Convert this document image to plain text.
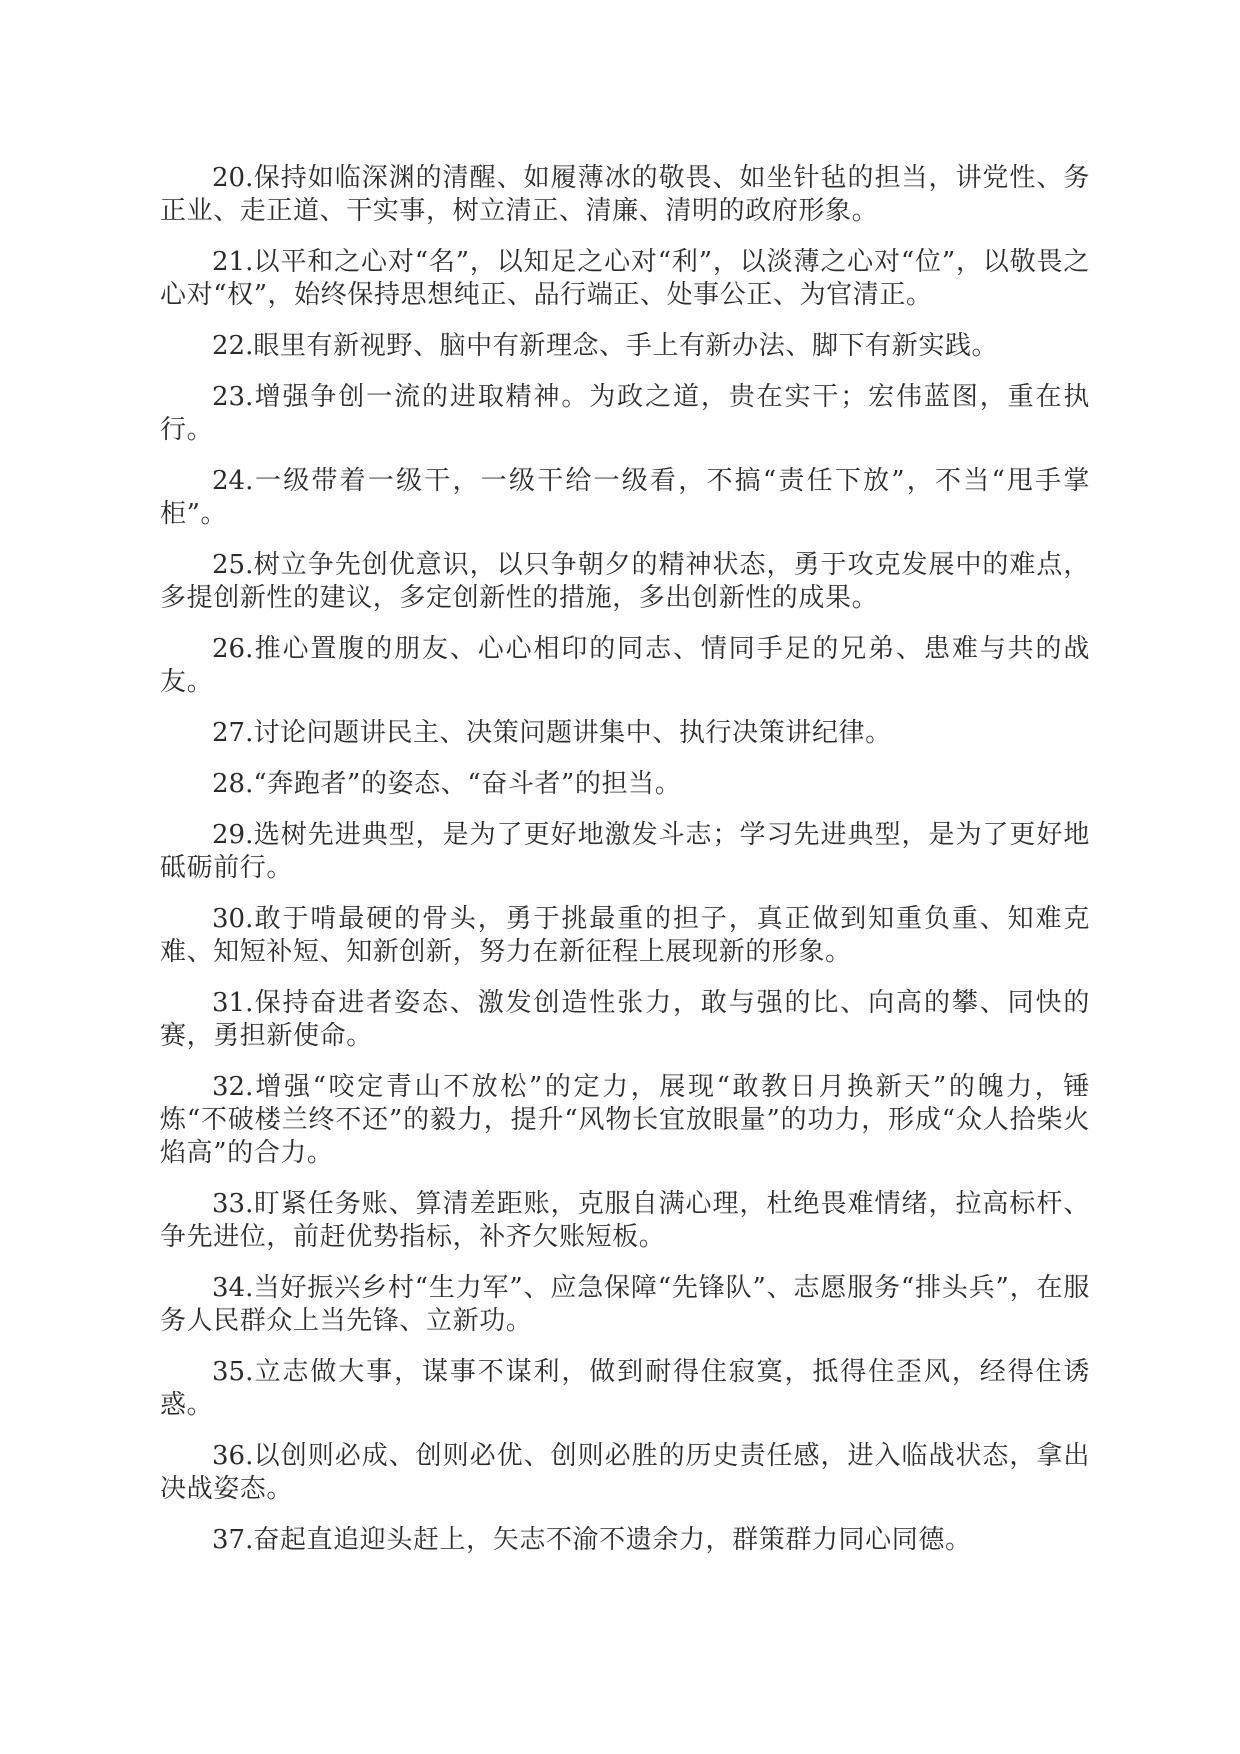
20.保持如临深渊的清醒、如履薄冰的敬畏、如坐针毡的担当，讲党性、务正业、走正道、干实事，树立清正、清廉、清明的政府形象。

21.以平和之心对“名”，以知足之心对“利”，以淡薄之心对“位”，以敬畏之心对“权”，始终保持思想纯正、品行端正、处事公正、为官清正。

22.眼里有新视野、脑中有新理念、手上有新办法、脚下有新实践。

23.增强争创一流的进取精神。为政之道，贵在实干；宏伟蓝图，重在执行。

24.一级带着一级干，一级干给一级看，不搞“责任下放”，不当“甩手掌柜”。

25.树立争先创优意识，以只争朝夕的精神状态，勇于攻克发展中的难点，多提创新性的建议，多定创新性的措施，多出创新性的成果。

26.推心置腹的朋友、心心相印的同志、情同手足的兄弟、患难与共的战友。

27.讨论问题讲民主、决策问题讲集中、执行决策讲纪律。

28.“奔跑者”的姿态、“奋斗者”的担当。

29.选树先进典型，是为了更好地激发斗志；学习先进典型，是为了更好地砥砺前行。

30.敢于啃最硬的骨头，勇于挑最重的担子，真正做到知重负重、知难克难、知短补短、知新创新，努力在新征程上展现新的形象。

31.保持奋进者姿态、激发创造性张力，敢与强的比、向高的攀、同快的赛，勇担新使命。

32.增强“咬定青山不放松”的定力，展现“敢教日月换新天”的魄力，锤炼“不破楼兰终不还”的毅力，提升“风物长宜放眼量”的功力，形成“众人拾柴火焰高”的合力。

33.盯紧任务账、算清差距账，克服自满心理，杜绝畏难情绪，拉高标杆、争先进位，前赶优势指标，补齐欠账短板。

34.当好振兴乡村“生力军”、应急保障“先锋队”、志愿服务“排头兵”，在服务人民群众上当先锋、立新功。

35.立志做大事，谋事不谋利，做到耐得住寂寞，抵得住歪风，经得住诱惑。

36.以创则必成、创则必优、创则必胜的历史责任感，进入临战状态，拿出决战姿态。

37.奋起直追迎头赶上，矢志不渝不遗余力，群策群力同心同德。
